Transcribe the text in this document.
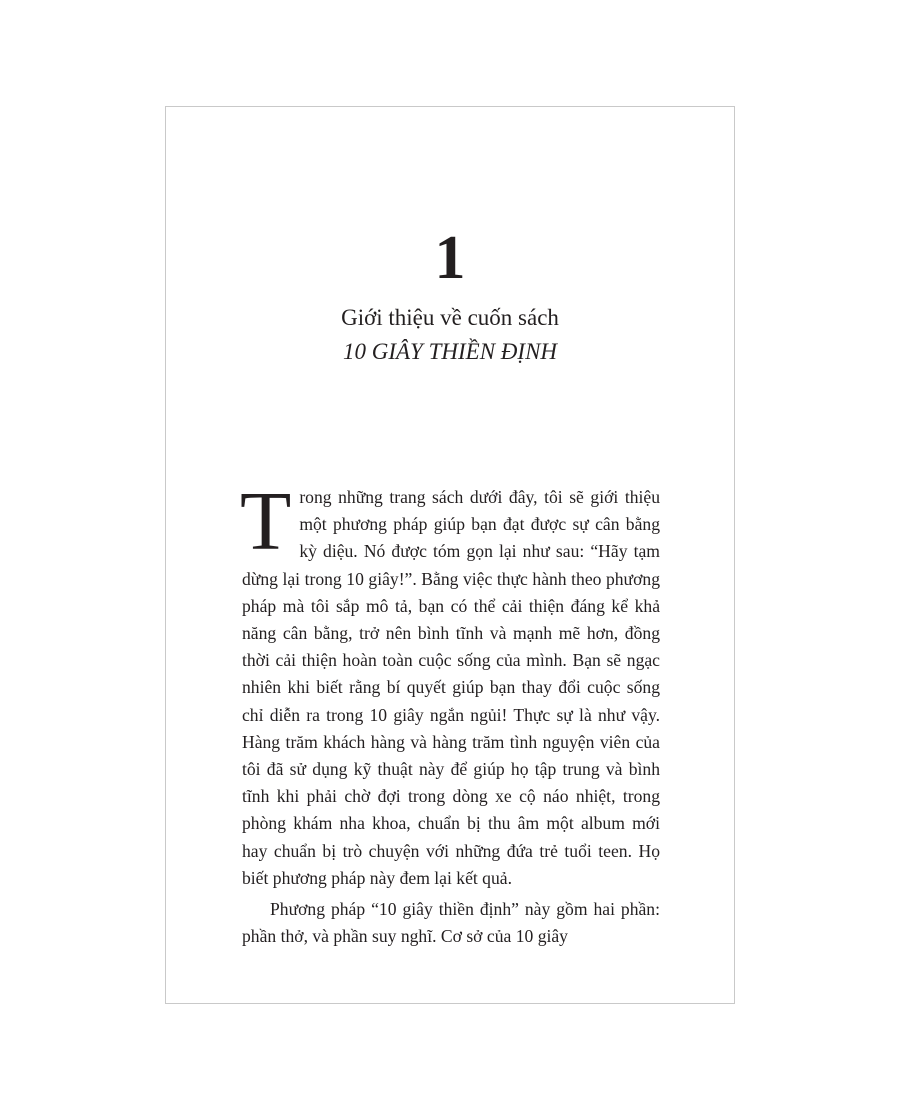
1
Giới thiệu về cuốn sách
10 GIÂY THIỀN ĐỊNH

Trong những trang sách dưới đây, tôi sẽ giới thiệu một phương pháp giúp bạn đạt được sự cân bằng kỳ diệu. Nó được tóm gọn lại như sau: “Hãy tạm dừng lại trong 10 giây!”. Bằng việc thực hành theo phương pháp mà tôi sắp mô tả, bạn có thể cải thiện đáng kể khả năng cân bằng, trở nên bình tĩnh và mạnh mẽ hơn, đồng thời cải thiện hoàn toàn cuộc sống của mình. Bạn sẽ ngạc nhiên khi biết rằng bí quyết giúp bạn thay đổi cuộc sống chỉ diễn ra trong 10 giây ngắn ngủi! Thực sự là như vậy. Hàng trăm khách hàng và hàng trăm tình nguyện viên của tôi đã sử dụng kỹ thuật này để giúp họ tập trung và bình tĩnh khi phải chờ đợi trong dòng xe cộ náo nhiệt, trong phòng khám nha khoa, chuẩn bị thu âm một album mới hay chuẩn bị trò chuyện với những đứa trẻ tuổi teen. Họ biết phương pháp này đem lại kết quả.

Phương pháp “10 giây thiền định” này gồm hai phần: phần thở, và phần suy nghĩ. Cơ sở của 10 giây
